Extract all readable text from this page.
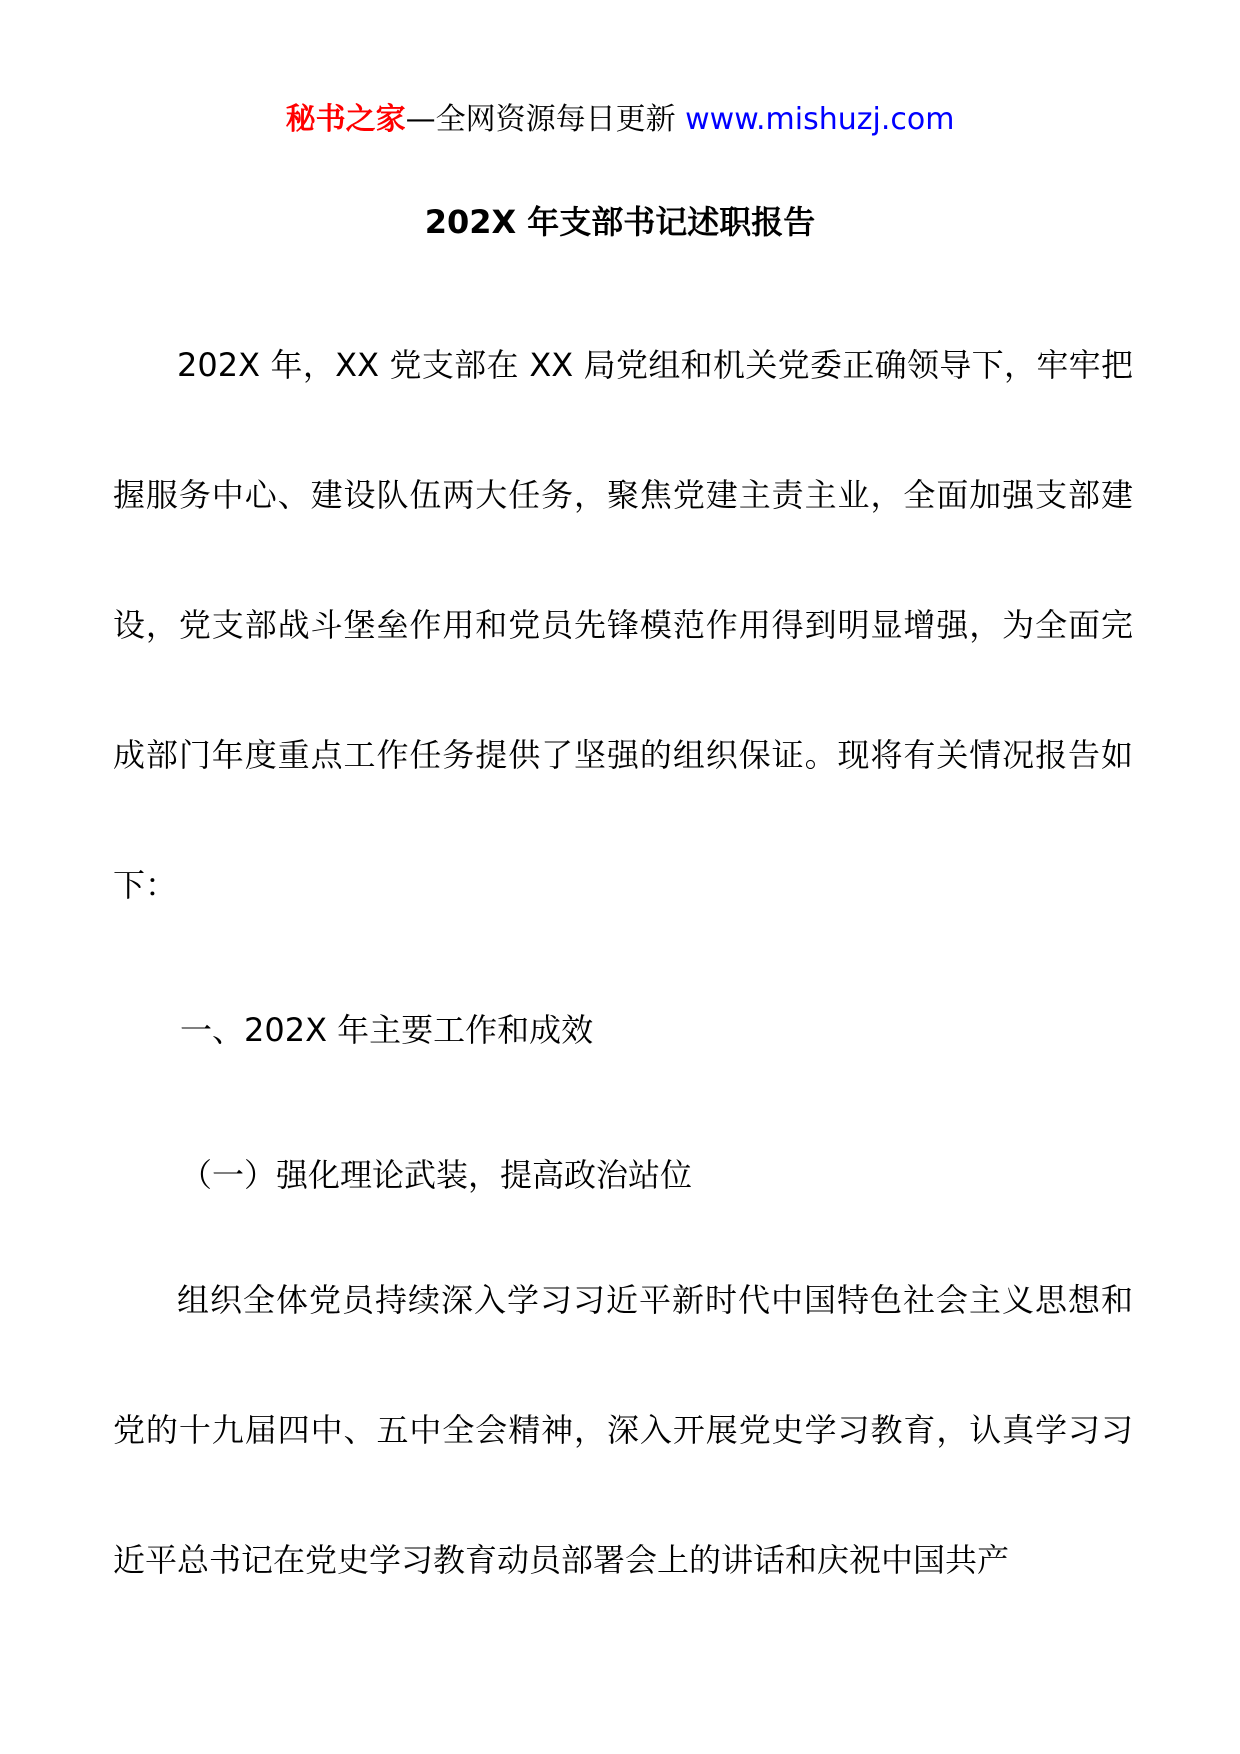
秘书之家—全网资源每日更新 www.mishuzj.com
202X 年支部书记述职报告

202X 年，XX 党支部在 XX 局党组和机关党委正确领导下，牢牢把握服务中心、建设队伍两大任务，聚焦党建主责主业，全面加强支部建设，党支部战斗堡垒作用和党员先锋模范作用得到明显增强，为全面完成部门年度重点工作任务提供了坚强的组织保证。现将有关情况报告如下：

一、202X 年主要工作和成效

（一）强化理论武装，提高政治站位

组织全体党员持续深入学习习近平新时代中国特色社会主义思想和党的十九届四中、五中全会精神，深入开展党史学习教育，认真学习习近平总书记在党史学习教育动员部署会上的讲话和庆祝中国共产
